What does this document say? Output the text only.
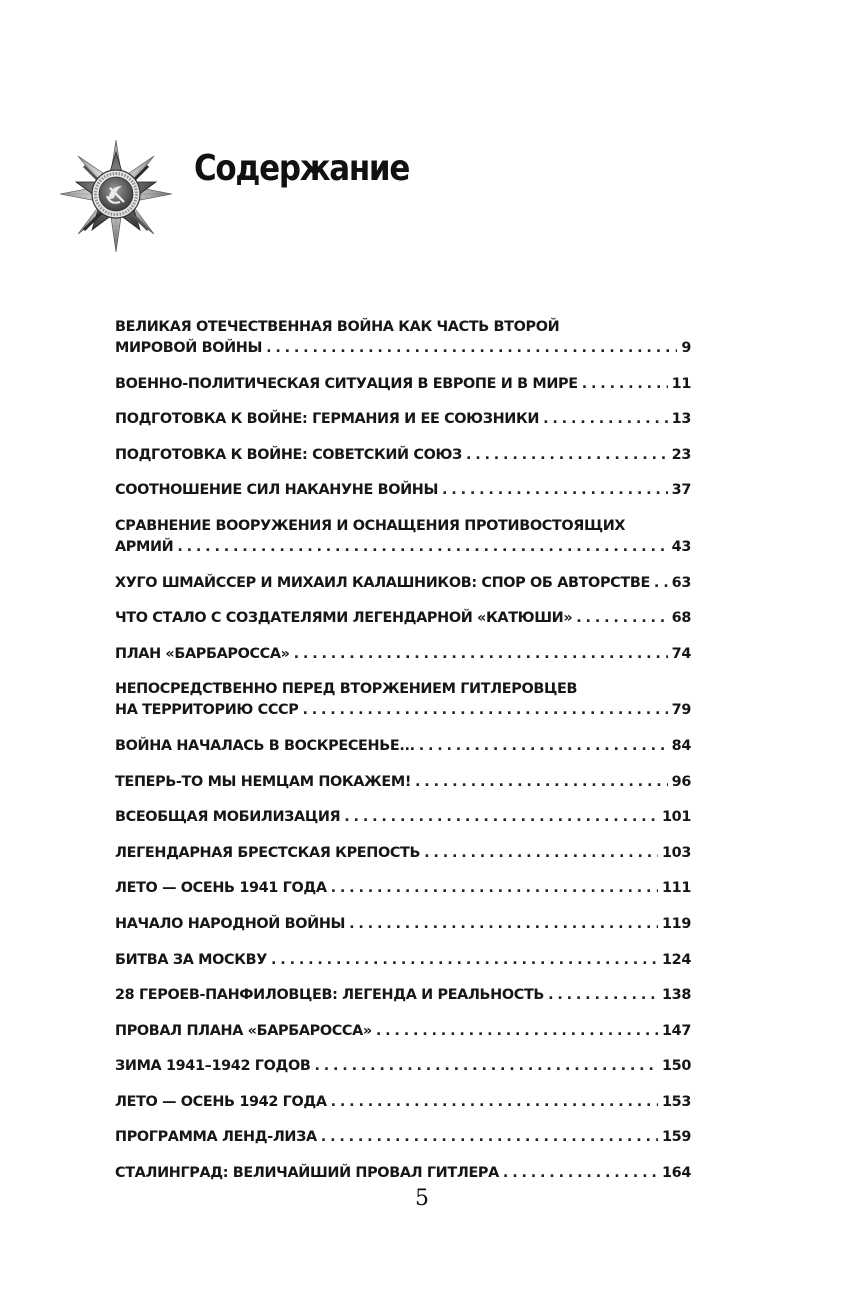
Содержание
ВЕЛИКАЯ ОТЕЧЕСТВЕННАЯ ВОЙНА КАК ЧАСТЬ ВТОРОЙ
МИРОВОЙ ВОЙНЫ . . .	9
ВОЕННО-ПОЛИТИЧЕСКАЯ СИТУАЦИЯ В ЕВРОПЕ И В МИРЕ . . .	11
ПОДГОТОВКА К ВОЙНЕ: ГЕРМАНИЯ И ЕЕ СОЮЗНИКИ . . .	13
ПОДГОТОВКА К ВОЙНЕ: СОВЕТСКИЙ СОЮЗ . . .	23
СООТНОШЕНИЕ СИЛ НАКАНУНЕ ВОЙНЫ . . .	37
СРАВНЕНИЕ ВООРУЖЕНИЯ И ОСНАЩЕНИЯ ПРОТИВОСТОЯЩИХ
АРМИЙ . . .	43
ХУГО ШМАЙССЕР И МИХАИЛ КАЛАШНИКОВ: СПОР ОБ АВТОРСТВЕ . . . 63
ЧТО СТАЛО С СОЗДАТЕЛЯМИ ЛЕГЕНДАРНОЙ «КАТЮШИ» . . .	68
ПЛАН «БАРБАРОССА» . . .	74
НЕПОСРЕДСТВЕННО ПЕРЕД ВТОРЖЕНИЕМ ГИТЛЕРОВЦЕВ
НА ТЕРРИТОРИЮ СССР . . .	79
ВОЙНА НАЧАЛАСЬ В ВОСКРЕСЕНЬЕ... . . .	84
ТЕПЕРЬ-ТО МЫ НЕМЦАМ ПОКАЖЕМ! . . .	96
ВСЕОБЩАЯ МОБИЛИЗАЦИЯ . . .	101
ЛЕГЕНДАРНАЯ БРЕСТСКАЯ КРЕПОСТЬ . . .	103
ЛЕТО — ОСЕНЬ 1941 ГОДА . . .	111
НАЧАЛО НАРОДНОЙ ВОЙНЫ . . .	119
БИТВА ЗА МОСКВУ . . .	124
28 ГЕРОЕВ-ПАНФИЛОВЦЕВ: ЛЕГЕНДА И РЕАЛЬНОСТЬ . . .	138
ПРОВАЛ ПЛАНА «БАРБАРОССА» . . .	147
ЗИМА 1941–1942 ГОДОВ . . .	150
ЛЕТО — ОСЕНЬ 1942 ГОДА . . .	153
ПРОГРАММА ЛЕНД-ЛИЗА . . .	159
СТАЛИНГРАД: ВЕЛИЧАЙШИЙ ПРОВАЛ ГИТЛЕРА . . .	164
5
